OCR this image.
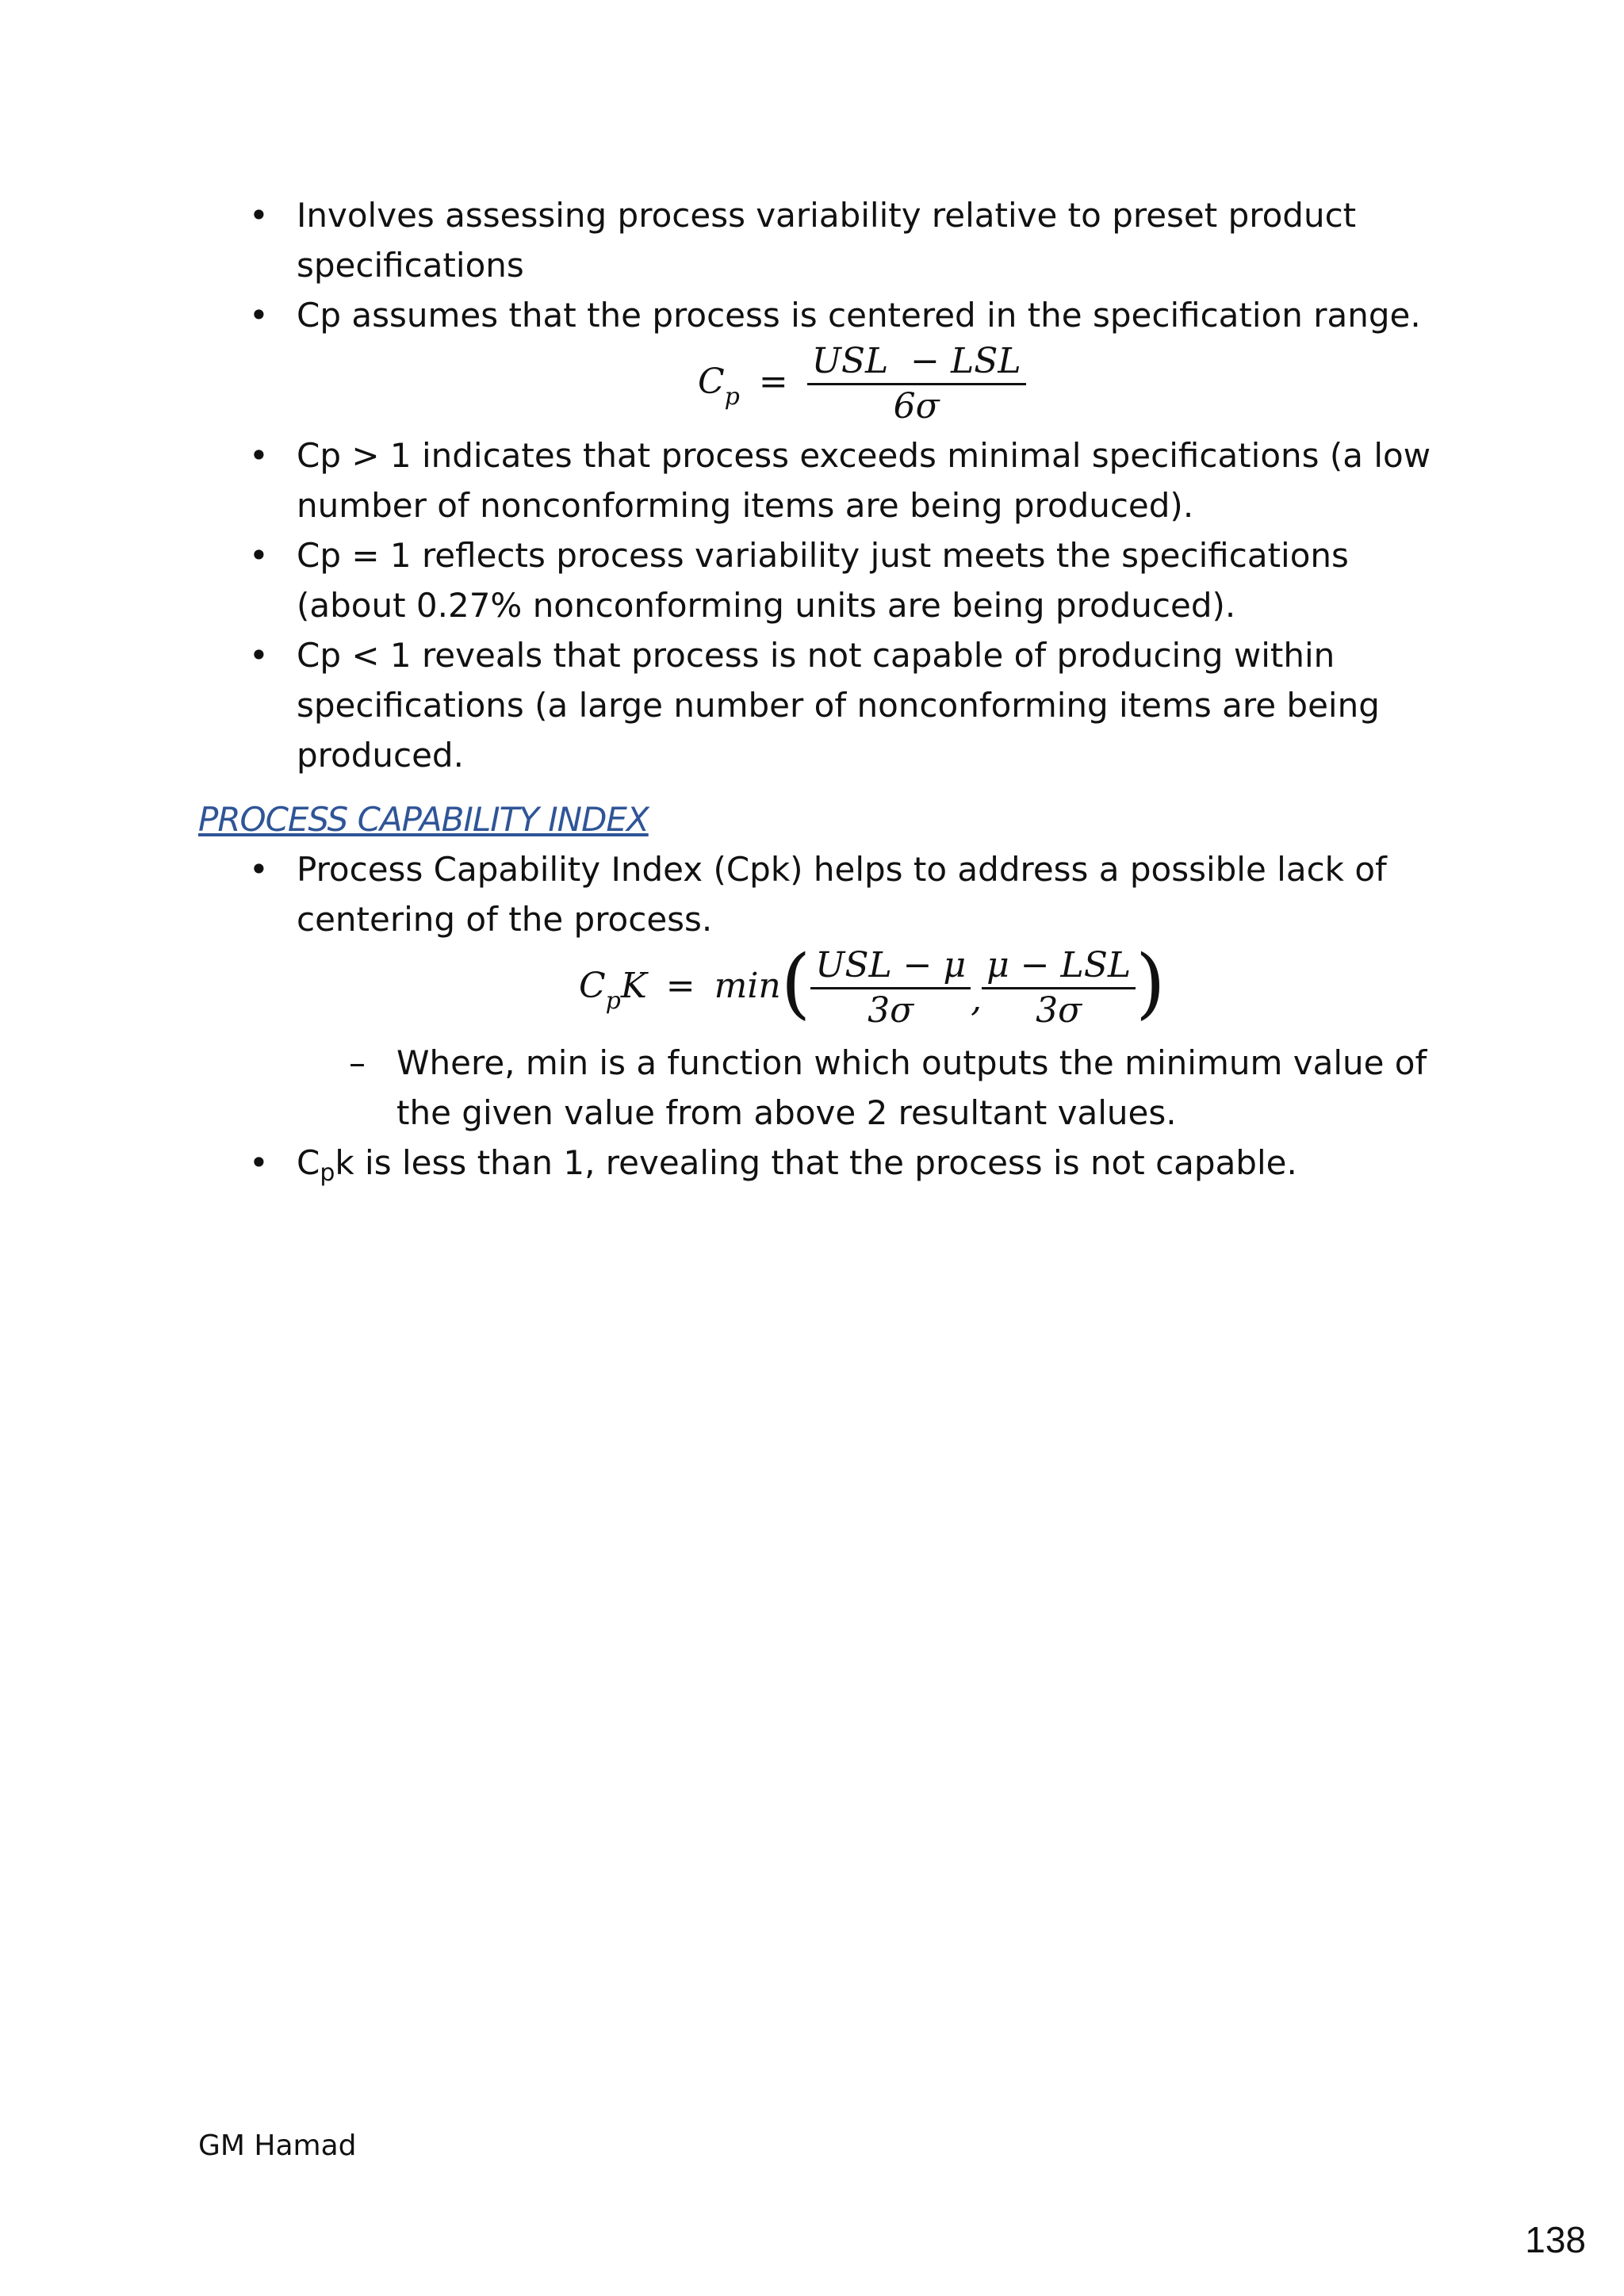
• Involves assessing process variability relative to preset product specifications
• Cp assumes that the process is centered in the specification range.
$C_p = \frac{\text{USL  − LSL}}{6\sigma}$
• Cp > 1 indicates that process exceeds minimal specifications (a low number of nonconforming items are being produced).
• Cp = 1 reflects process variability just meets the specifications (about 0.27% nonconforming units are being produced).
• Cp < 1 reveals that process is not capable of producing within specifications (a large number of nonconforming items are being produced.
PROCESS CAPABILITY INDEX
• Process Capability Index (Cpk) helps to address a possible lack of centering of the process.
$C_pK = \min( \frac{\text{USL − μ}}{3\sigma}$ , $\frac{\text{μ − LSL}}{3\sigma}$ )
– Where, min is a function which outputs the minimum value of the given value from above 2 resultant values.
• Cpk is less than 1, revealing that the process is not capable.
GM Hamad
138
